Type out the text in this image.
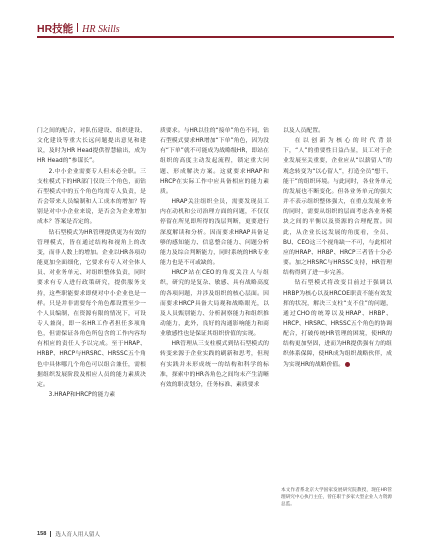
HR技能 HR Skills

门之间的配合，对队伍建设、组织建设、文化建设等重大长远问题提出意见和建议，及时为HR Head提供智慧输出，成为HR Head的“参谋长”。

2.中小企业需要专人但未必全职。三支柱模式下的HR部门仅设三个角色，而钻石型模式中的五个角色均需专人负责，是否会带来人员编制和人工成本的增加？特别是对中小企业来说，是否会为企业增加成本？答案是否定的。

钻石型模式为HR管理提供更为有效的管理模式，皆在通过结构和视角上的改变，而非人数上的增加。企业以HR各项功能更加全面细化，它要求有专人对全体人员、对业务单元、对组织整体负责，同时要求有专人进行政策研究，提供服务支持，这些职能要求即便对中小企业也是一样。只是并非需要每个角色都设置至少一个人员编制，在资源有限的情况下，可设专人兼岗，即一名HR工作者担任多项角色，但需保证各角色所包含的工作内容均有相应的责任人予以完成。至于HRAP、HRBP、HRCP与HRSRC、HRSSC五个角色中具体哪几个角色可以组合兼任，需根据组织发展阶段及相应人员的能力素质决定。

3.HRAP和HRCP的能力素

质要求。与HR以往的“接单”角色不同，钻石型模式要求HR增加“下单”角色，因为没有“下单”就不可能成为战略级HR，即站在组织的高度主动发起流程，锁定重大问题、形成解决方案。这就要求HRAP和HRCP在实际工作中应具备相应的能力素质。

HRAP关注组织全员，需要发现员工内在动机和公司治理方面的问题，不仅仅停留在所见即所得的浅层判断，更要进行深度解读和分析。因而要求HRAP具备足够的感知能力、信息整合能力、问题分析能力及综合判断能力，同时系统的HR专业能力也是不可或缺的。

HRCP站在CEO的角度关注人与组织，研究的是复杂、敏感、具有战略高度的各项问题，并涉及组织的核心层面。因而要求HRCP具备大局观和战略眼光，以及人员甄别能力、分析洞察能力和组织推动能力，此外，良好的沟通影响能力和商业敏感性也是保证其组织价值的实现。

HR管理从三支柱模式到钻石型模式的转变来源于企业实践的刷新和思考，但现有实践并未形成统一的结构和科学的标准，探索中的HR各角色之间均未产生清晰有效的职责划分，任务标准、素质要求

以及人员配置。

在以创新为核心的时代背景下，“人”的重要性日益凸显，员工对于企业发展至关重要，企业应从“以薪留人”的观念转变为“以心留人”，打造全员“想干、能干”的组织环境。与此同时，各业务单元的发展也不断变化。但各业务单元的强大并不表示组织整体强大，在重点发展业务的同时，需要从组织的层面考虑各业务模块之间的平衡以及资源的合理配置。因此，从企业长远发展的角度看，全员、BU、CEO这三个视角缺一不可，与此相对应的HRAP、HRBP、HRCP三者皆十分必要。加之HRSRC与HRSSC支持，HR管理结构得到了进一步完善。

钻石型模式将改变目前过于强调以HRBP为核心以及HRCOE职责不能有效发挥的状况，解决三支柱“支不住”的问题，通过CHO的统筹以及HRAP、HRBP、HRCP、HRSRC、HRSSC五个角色的协调配合，打破传统HR管理的困境，使HR的结构更加坚固，进而为HR提供强有力的组织体系保障，使HR成为组织战略伙伴，成为实现HR的战略价值。

本文作者系北京大学国家发展研究院教授，现任HR管理研究中心执行主任，曾任职于多家大型企业人力资源总监。
158 选人育人用人留人
